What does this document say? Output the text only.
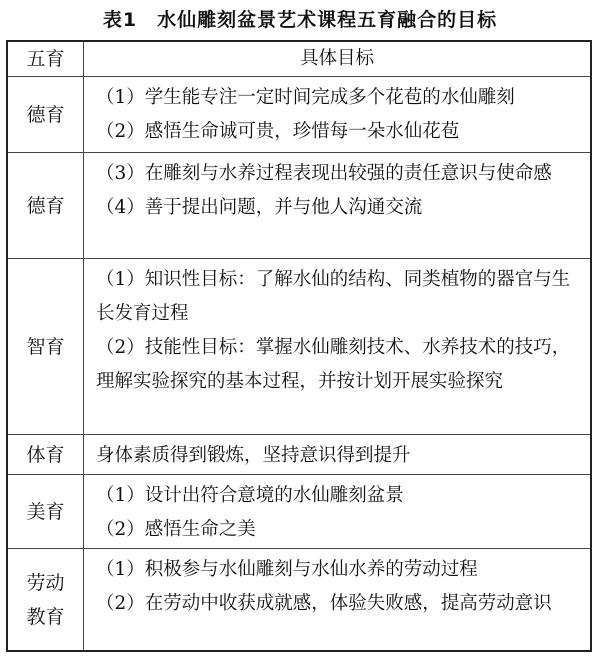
表1　水仙雕刻盆景艺术课程五育融合的目标
五育	具体目标
德育
（1）学生能专注一定时间完成多个花苞的水仙雕刻
（2）感悟生命诚可贵，珍惜每一朵水仙花苞
德育
（3）在雕刻与水养过程表现出较强的责任意识与使命感
（4）善于提出问题，并与他人沟通交流
智育
（1）知识性目标：了解水仙的结构、同类植物的器官与生长发育过程
（2）技能性目标：掌握水仙雕刻技术、水养技术的技巧，理解实验探究的基本过程，并按计划开展实验探究
体育	身体素质得到锻炼，坚持意识得到提升
美育
（1）设计出符合意境的水仙雕刻盆景
（2）感悟生命之美
劳动教育
（1）积极参与水仙雕刻与水仙水养的劳动过程
（2）在劳动中收获成就感，体验失败感，提高劳动意识
